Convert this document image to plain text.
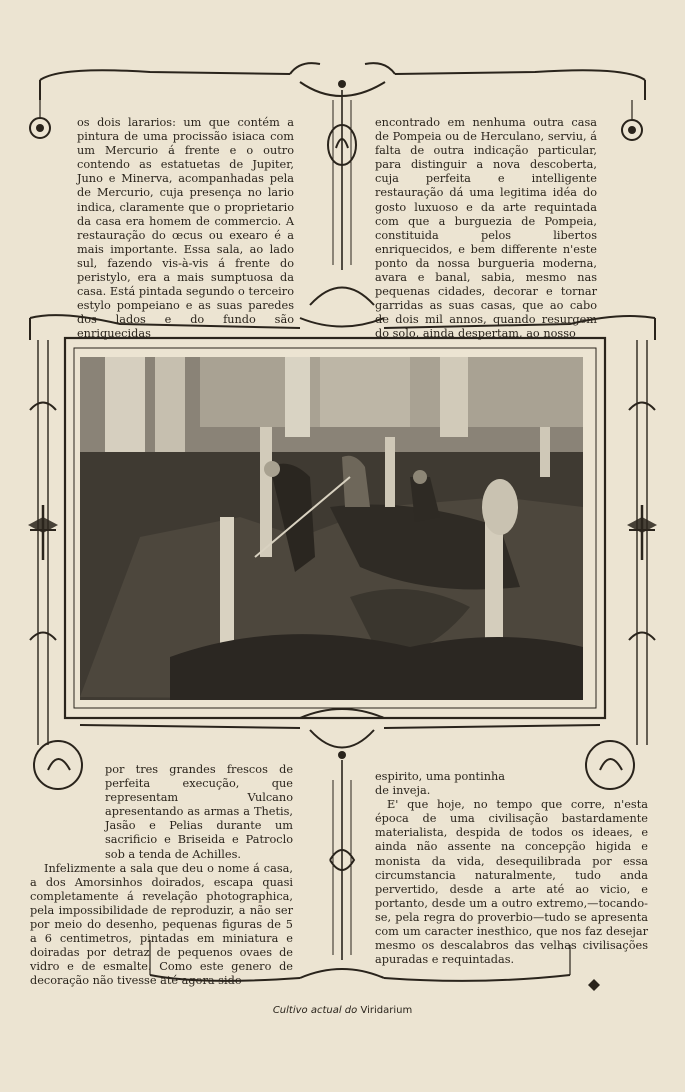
os dois lararios: um que contém a pintura de uma procissão isiaca com um Mercurio á frente e o outro contendo as estatuetas de Jupiter, Juno e Minerva, acompanhadas pela de Mercurio, cuja presença no lario indica, claramente que o proprietario da casa era homem de commercio. A restauração do œcus ou exearo é a mais importante. Essa sala, ao lado sul, fazendo vis-à-vis á frente do peristylo, era a mais sumptuosa da casa. Está pintada segundo o terceiro estylo pompeiano e as suas paredes dos lados e do fundo são enriquecidas

encontrado em nenhuma outra casa de Pompeia ou de Herculano, serviu, á falta de outra indicação particular, para distinguir a nova descoberta, cuja perfeita e intelligente restauração dá uma legitima idéa do gosto luxuoso e da arte requintada com que a burguezia de Pompeia, constituida pelos libertos enriquecidos, e bem differente n'este ponto da nossa burgueria moderna, avara e banal, sabia, mesmo nas pequenas cidades, decorar e tornar garridas as suas casas, que ao cabo de dois mil annos, quando resurgem do solo, ainda despertam, ao nosso

por tres grandes frescos de perfeita execução, que representam Vulcano apresentando as armas a Thetis, Jasão e Pelias durante um sacrificio e Briseida e Patroclo sob a tenda de Achilles.

Infelizmente a sala que deu o nome á casa, a dos Amorsinhos doirados, escapa quasi completamente á revelação photographica, pela impossibilidade de reproduzir, a não ser por meio do desenho, pequenas figuras de 5 a 6 centimetros, pintadas em miniatura e doiradas por detraz de pequenos ovaes de vidro e de esmalte. Como este genero de decoração não tivesse até agora sido

espirito, uma pontinha de inveja.

E' que hoje, no tempo que corre, n'esta época de uma civilisação bastardamente materialista, despida de todos os ideaes, e ainda não assente na concepção higida e monista da vida, desequilibrada por essa circumstancia naturalmente, tudo anda pervertido, desde a arte até ao vicio, e portanto, desde um a outro extremo,—tocando-se, pela regra do proverbio—tudo se apresenta com um caracter inesthico, que nos faz desejar mesmo os descalabros das velhas civilisações apuradas e requintadas.

Cultivo actual do Viridarium
